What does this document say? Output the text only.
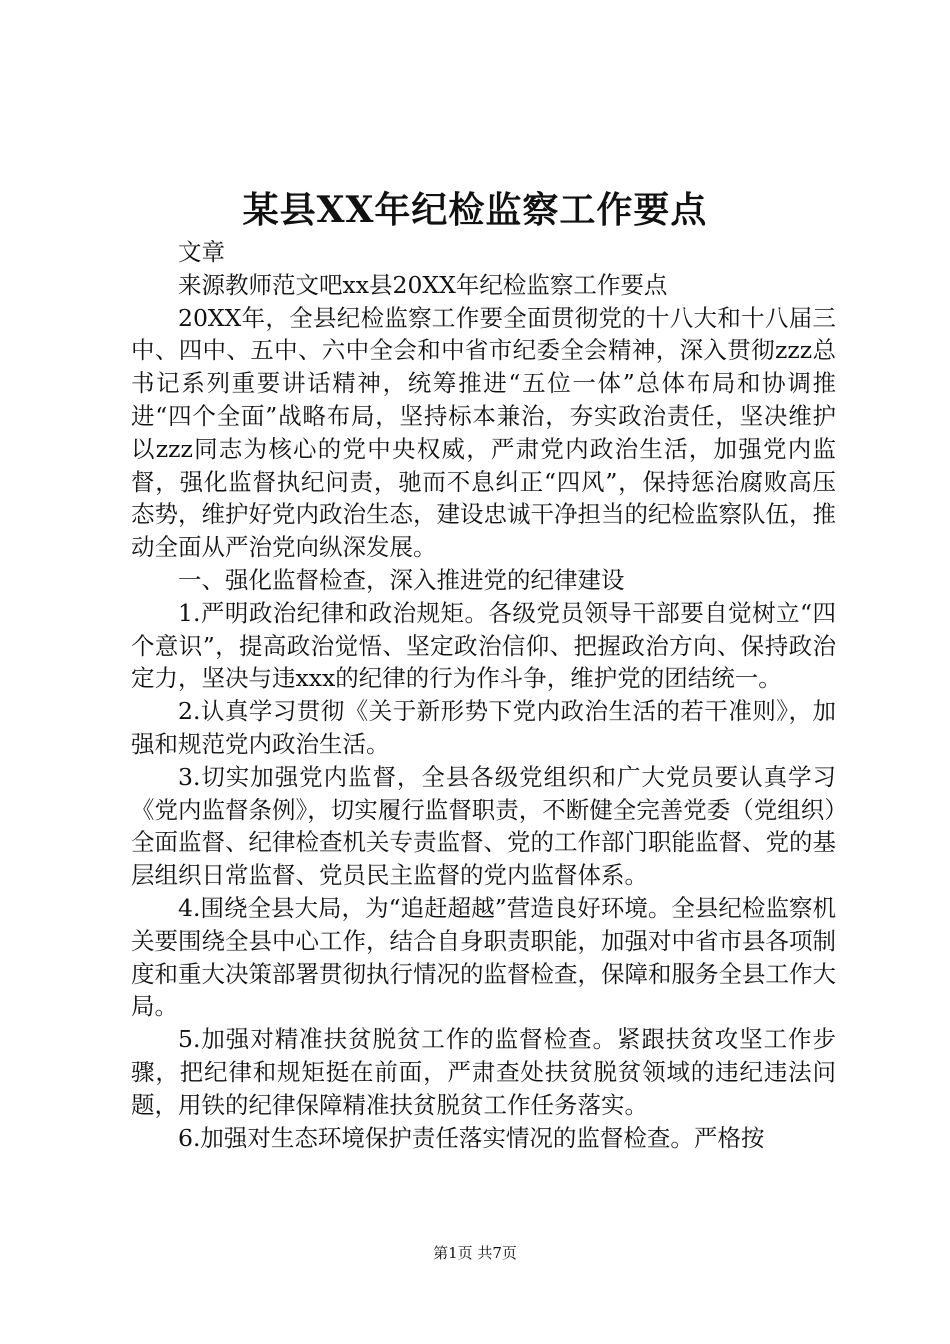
某县XX年纪检监察工作要点

文章

来源教师范文吧xx县20XX年纪检监察工作要点

20XX年，全县纪检监察工作要全面贯彻党的十八大和十八届三中、四中、五中、六中全会和中省市纪委全会精神，深入贯彻zzz总书记系列重要讲话精神，统筹推进“五位一体”总体布局和协调推进“四个全面”战略布局，坚持标本兼治，夯实政治责任，坚决维护以zzz同志为核心的党中央权威，严肃党内政治生活，加强党内监督，强化监督执纪问责，驰而不息纠正“四风”，保持惩治腐败高压态势，维护好党内政治生态，建设忠诚干净担当的纪检监察队伍，推动全面从严治党向纵深发展。

一、强化监督检查，深入推进党的纪律建设

1.严明政治纪律和政治规矩。各级党员领导干部要自觉树立“四个意识”，提高政治觉悟、坚定政治信仰、把握政治方向、保持政治定力，坚决与违xxx的纪律的行为作斗争，维护党的团结统一。

2.认真学习贯彻《关于新形势下党内政治生活的若干准则》，加强和规范党内政治生活。

3.切实加强党内监督，全县各级党组织和广大党员要认真学习《党内监督条例》，切实履行监督职责，不断健全完善党委（党组织）全面监督、纪律检查机关专责监督、党的工作部门职能监督、党的基层组织日常监督、党员民主监督的党内监督体系。

4.围绕全县大局，为“追赶超越”营造良好环境。全县纪检监察机关要围绕全县中心工作，结合自身职责职能，加强对中省市县各项制度和重大决策部署贯彻执行情况的监督检查，保障和服务全县工作大局。

5.加强对精准扶贫脱贫工作的监督检查。紧跟扶贫攻坚工作步骤，把纪律和规矩挺在前面，严肃查处扶贫脱贫领域的违纪违法问题，用铁的纪律保障精准扶贫脱贫工作任务落实。

6.加强对生态环境保护责任落实情况的监督检查。严格按

第1页 共7页
